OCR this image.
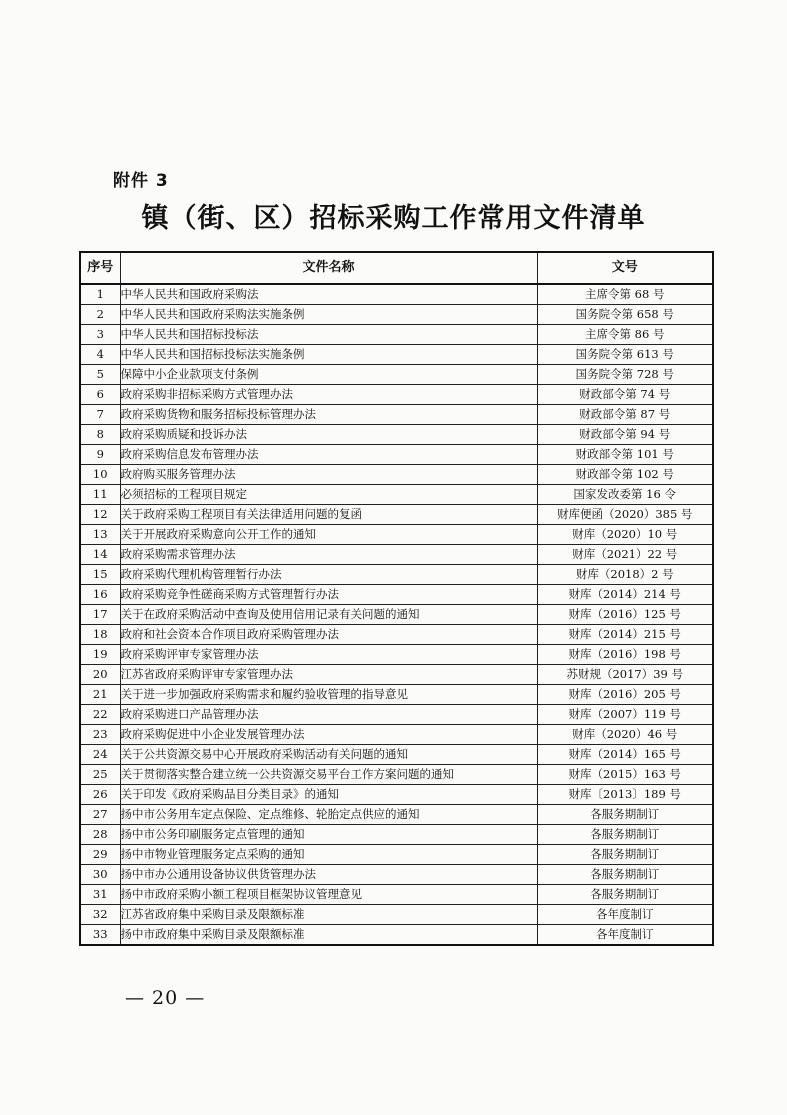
附件 3
镇（街、区）招标采购工作常用文件清单
序号	文件名称	文号
1	中华人民共和国政府采购法	主席令第 68 号
2	中华人民共和国政府采购法实施条例	国务院令第 658 号
3	中华人民共和国招标投标法	主席令第 86 号
4	中华人民共和国招标投标法实施条例	国务院令第 613 号
5	保障中小企业款项支付条例	国务院令第 728 号
6	政府采购非招标采购方式管理办法	财政部令第 74 号
7	政府采购货物和服务招标投标管理办法	财政部令第 87 号
8	政府采购质疑和投诉办法	财政部令第 94 号
9	政府采购信息发布管理办法	财政部令第 101 号
10	政府购买服务管理办法	财政部令第 102 号
11	必须招标的工程项目规定	国家发改委第 16 令
12	关于政府采购工程项目有关法律适用问题的复函	财库便函（2020）385 号
13	关于开展政府采购意向公开工作的通知	财库（2020）10 号
14	政府采购需求管理办法	财库（2021）22 号
15	政府采购代理机构管理暂行办法	财库（2018）2 号
16	政府采购竞争性磋商采购方式管理暂行办法	财库（2014）214 号
17	关于在政府采购活动中查询及使用信用记录有关问题的通知	财库（2016）125 号
18	政府和社会资本合作项目政府采购管理办法	财库（2014）215 号
19	政府采购评审专家管理办法	财库（2016）198 号
20	江苏省政府采购评审专家管理办法	苏财规（2017）39 号
21	关于进一步加强政府采购需求和履约验收管理的指导意见	财库（2016）205 号
22	政府采购进口产品管理办法	财库（2007）119 号
23	政府采购促进中小企业发展管理办法	财库（2020）46 号
24	关于公共资源交易中心开展政府采购活动有关问题的通知	财库（2014）165 号
25	关于贯彻落实整合建立统一公共资源交易平台工作方案问题的通知	财库（2015）163 号
26	关于印发《政府采购品目分类目录》的通知	财库〔2013〕189 号
27	扬中市公务用车定点保险、定点维修、轮胎定点供应的通知	各服务期制订
28	扬中市公务印刷服务定点管理的通知	各服务期制订
29	扬中市物业管理服务定点采购的通知	各服务期制订
30	扬中市办公通用设备协议供货管理办法	各服务期制订
31	扬中市政府采购小额工程项目框架协议管理意见	各服务期制订
32	江苏省政府集中采购目录及限额标准	各年度制订
33	扬中市政府集中采购目录及限额标准	各年度制订
— 20 —
